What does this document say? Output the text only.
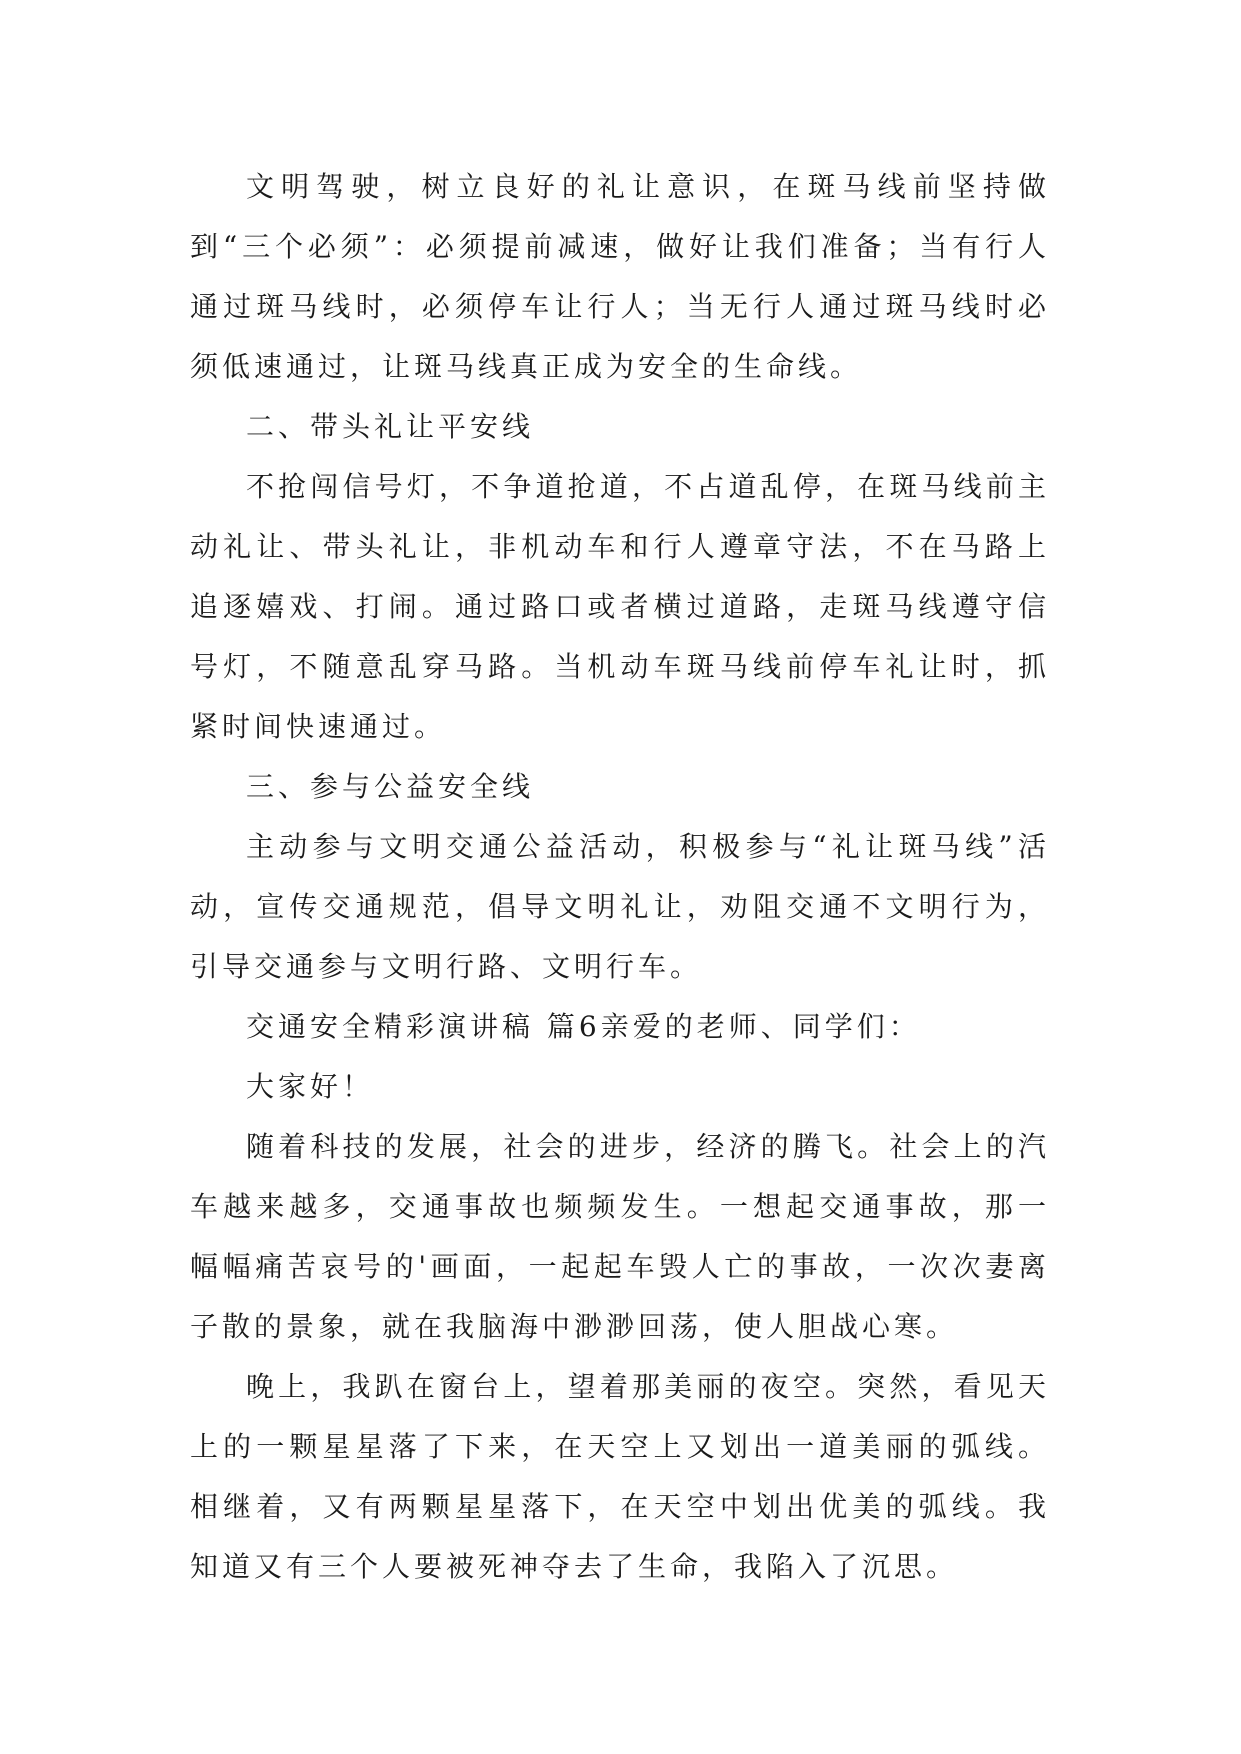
文明驾驶，树立良好的礼让意识，在斑马线前坚持做到“三个必须”：必须提前减速，做好让我们准备；当有行人通过斑马线时，必须停车让行人；当无行人通过斑马线时必须低速通过，让斑马线真正成为安全的生命线。

二、带头礼让平安线

不抢闯信号灯，不争道抢道，不占道乱停，在斑马线前主动礼让、带头礼让，非机动车和行人遵章守法，不在马路上追逐嬉戏、打闹。通过路口或者横过道路，走斑马线遵守信号灯，不随意乱穿马路。当机动车斑马线前停车礼让时，抓紧时间快速通过。

三、参与公益安全线

主动参与文明交通公益活动，积极参与“礼让斑马线”活动，宣传交通规范，倡导文明礼让，劝阻交通不文明行为，引导交通参与文明行路、文明行车。

交通安全精彩演讲稿 篇6亲爱的老师、同学们：

大家好！

随着科技的发展，社会的进步，经济的腾飞。社会上的汽车越来越多，交通事故也频频发生。一想起交通事故，那一幅幅痛苦哀号的'画面，一起起车毁人亡的事故，一次次妻离子散的景象，就在我脑海中渺渺回荡，使人胆战心寒。

晚上，我趴在窗台上，望着那美丽的夜空。突然，看见天上的一颗星星落了下来，在天空上又划出一道美丽的弧线。相继着，又有两颗星星落下，在天空中划出优美的弧线。我知道又有三个人要被死神夺去了生命，我陷入了沉思。
